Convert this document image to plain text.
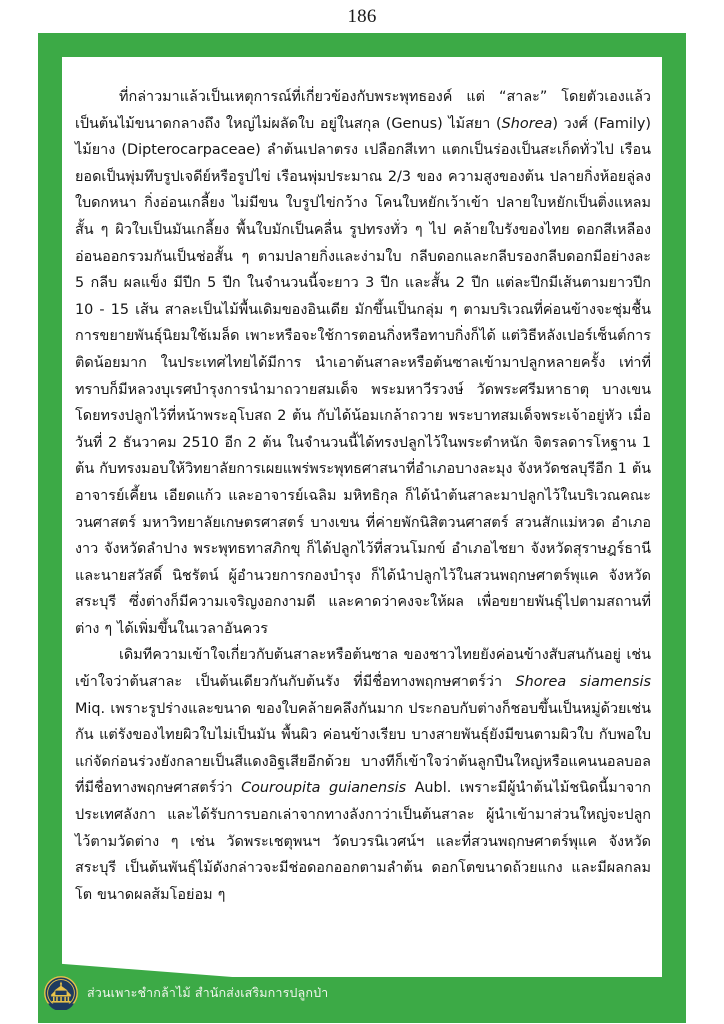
186

ที่กล่าวมาแล้วเป็นเหตุการณ์ที่เกี่ยวข้องกับพระพุทธองค์ แต่ “สาละ” โดยตัวเองแล้วเป็นต้นไม้ขนาดกลางถึง ใหญ่ไม่ผลัดใบ อยู่ในสกุล (Genus) ไม้สยา (Shorea) วงศ์ (Family) ไม้ยาง (Dipterocarpaceae) ลำต้นเปลาตรง เปลือกสีเทา แตกเป็นร่องเป็นสะเก็ดทั่วไป เรือนยอดเป็นพุ่มทึบรูปเจดีย์หรือรูปไข่ เรือนพุ่มประมาณ 2/3 ของ ความสูงของต้น ปลายกิ่งห้อยลู่ลง ใบดกหนา กิ่งอ่อนเกลี้ยง ไม่มีขน ใบรูปไข่กว้าง โคนใบหยักเว้าเข้า ปลายใบหยักเป็นติ่งแหลมสั้น ๆ ผิวใบเป็นมันเกลี้ยง พื้นใบมักเป็นคลื่น รูปทรงทั่ว ๆ ไป คล้ายใบรังของไทย ดอกสีเหลืองอ่อนออกรวมกันเป็นช่อสั้น ๆ ตามปลายกิ่งและง่ามใบ กลีบดอกและกลีบรองกลีบดอกมีอย่างละ 5 กลีบ ผลแข็ง มีปีก 5 ปีก ในจำนวนนี้จะยาว 3 ปีก และสั้น 2 ปีก แต่ละปีกมีเส้นตามยาวปีก 10 - 15 เส้น สาละเป็นไม้พื้นเดิมของอินเดีย มักขึ้นเป็นกลุ่ม ๆ ตามบริเวณที่ค่อนข้างจะชุ่มชื้น การขยายพันธุ์นิยมใช้เมล็ด เพาะหรือจะใช้การตอนกิ่งหรือทาบกิ่งก็ได้ แต่วิธีหลังเปอร์เซ็นต์การติดน้อยมาก ในประเทศไทยได้มีการ นำเอาต้นสาละหรือต้นซาลเข้ามาปลูกหลายครั้ง เท่าที่ทราบก็มีหลวงบุเรศบำรุงการนำมาถวายสมเด็จ พระมหาวีรวงษ์ วัดพระศรีมหาธาตุ บางเขน โดยทรงปลูกไว้ที่หน้าพระอุโบสถ 2 ต้น กับได้น้อมเกล้าถวาย พระบาทสมเด็จพระเจ้าอยู่หัว เมื่อวันที่ 2 ธันวาคม 2510 อีก 2 ต้น ในจำนวนนี้ได้ทรงปลูกไว้ในพระตำหนัก จิตรลดารโหฐาน 1 ต้น กับทรงมอบให้วิทยาลัยการเผยแพร่พระพุทธศาสนาที่อำเภอบางละมุง จังหวัดชลบุรีอีก 1 ต้น อาจารย์เคี้ยน เอียดแก้ว และอาจารย์เฉลิม มหิทธิกุล ก็ได้นำต้นสาละมาปลูกไว้ในบริเวณคณะวนศาสตร์ มหาวิทยาลัยเกษตรศาสตร์ บางเขน ที่ค่ายพักนิสิตวนศาสตร์ สวนสักแม่หวด อำเภองาว จังหวัดลำปาง พระพุทธทาสภิกขุ ก็ได้ปลูกไว้ที่สวนโมกข์ อำเภอไชยา จังหวัดสุราษฎร์ธานีและนายสวัสดิ์ นิชรัตน์ ผู้อำนวยการกองบำรุง ก็ได้นำปลูกไว้ในสวนพฤกษศาตร์พุแค จังหวัดสระบุรี ซึ่งต่างก็มีความเจริญงอกงามดี และคาดว่าคงจะให้ผล เพื่อขยายพันธุ์ไปตามสถานที่ต่าง ๆ ได้เพิ่มขึ้นในเวลาอันควร

เดิมทีความเข้าใจเกี่ยวกับต้นสาละหรือต้นซาล ของชาวไทยยังค่อนข้างสับสนกันอยู่ เช่นเข้าใจว่าต้นสาละ เป็นต้นเดียวกันกับต้นรัง ที่มีชื่อทางพฤกษศาตร์ว่า Shorea siamensis Miq. เพราะรูปร่างและขนาด ของใบคล้ายคลึงกันมาก ประกอบกับต่างก็ชอบขึ้นเป็นหมู่ด้วยเช่นกัน แต่รังของไทยผิวใบไม่เป็นมัน พื้นผิว ค่อนข้างเรียบ บางสายพันธุ์ยังมีขนตามผิวใบ กับพอใบแก่จัดก่อนร่วงยังกลายเป็นสีแดงอิฐเสียอีกด้วย บางทีก็เข้าใจว่าต้นลูกปืนใหญ่หรือแคนนอลบอล ที่มีชื่อทางพฤกษศาสตร์ว่า Couroupita guianensis Aubl. เพราะมีผู้นำต้นไม้ชนิดนี้มาจากประเทศลังกา และได้รับการบอกเล่าจากทางลังกาว่าเป็นต้นสาละ ผู้นำเข้ามาส่วนใหญ่จะปลูกไว้ตามวัดต่าง ๆ เช่น วัดพระเชตุพนฯ วัดบวรนิเวศน์ฯ และที่สวนพฤกษศาตร์พุแค จังหวัดสระบุรี เป็นต้นพันธุ์ไม้ดังกล่าวจะมีช่อดอกออกตามลำต้น ดอกโตขนาดถ้วยแกง และมีผลกลม โต ขนาดผลส้มโอย่อม ๆ

ส่วนเพาะชำกล้าไม้ สำนักส่งเสริมการปลูกป่า
